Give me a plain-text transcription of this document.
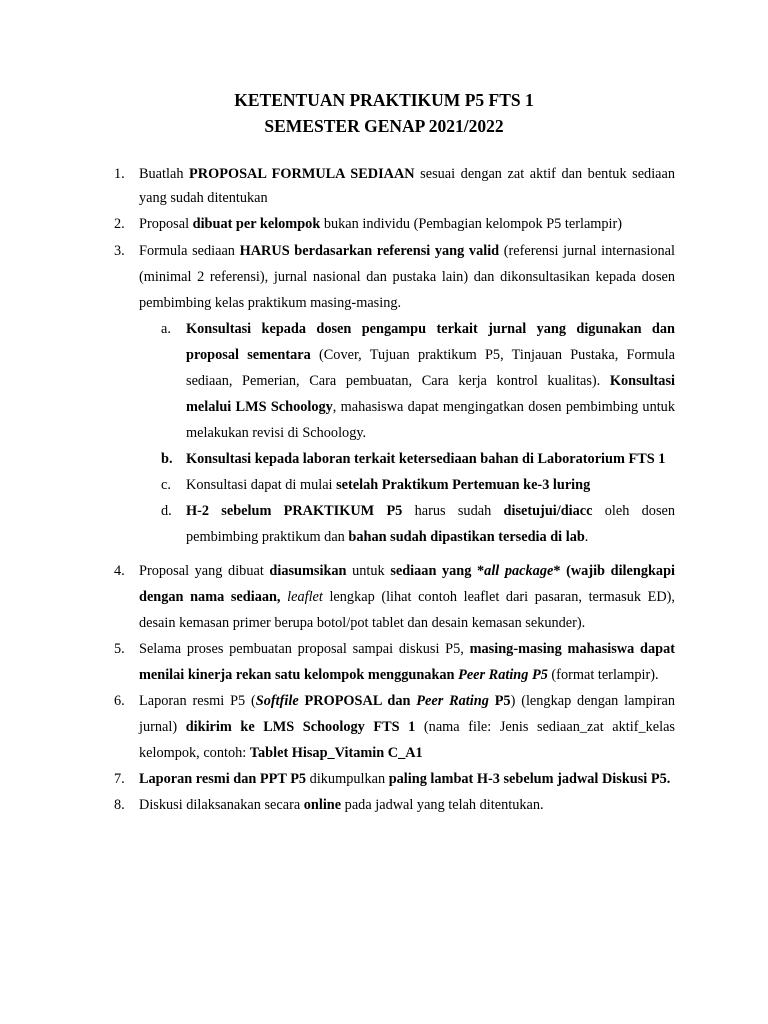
KETENTUAN PRAKTIKUM P5 FTS 1
SEMESTER GENAP 2021/2022
1. Buatlah PROPOSAL FORMULA SEDIAAN sesuai dengan zat aktif dan bentuk sediaan yang sudah ditentukan

2. Proposal dibuat per kelompok bukan individu (Pembagian kelompok P5 terlampir)

3. Formula sediaan HARUS berdasarkan referensi yang valid (referensi jurnal internasional (minimal 2 referensi), jurnal nasional dan pustaka lain) dan dikonsultasikan kepada dosen pembimbing kelas praktikum masing-masing.

a. Konsultasi kepada dosen pengampu terkait jurnal yang digunakan dan proposal sementara (Cover, Tujuan praktikum P5, Tinjauan Pustaka, Formula sediaan, Pemerian, Cara pembuatan, Cara kerja kontrol kualitas). Konsultasi melalui LMS Schoology, mahasiswa dapat mengingatkan dosen pembimbing untuk melakukan revisi di Schoology.

b. Konsultasi kepada laboran terkait ketersediaan bahan di Laboratorium FTS 1

c. Konsultasi dapat di mulai setelah Praktikum Pertemuan ke-3 luring

d. H-2 sebelum PRAKTIKUM P5 harus sudah disetujui/diacc oleh dosen pembimbing praktikum dan bahan sudah dipastikan tersedia di lab.

4. Proposal yang dibuat diasumsikan untuk sediaan yang *all package* (wajib dilengkapi dengan nama sediaan, leaflet lengkap (lihat contoh leaflet dari pasaran, termasuk ED), desain kemasan primer berupa botol/pot tablet dan desain kemasan sekunder).

5. Selama proses pembuatan proposal sampai diskusi P5, masing-masing mahasiswa dapat menilai kinerja rekan satu kelompok menggunakan Peer Rating P5 (format terlampir).

6. Laporan resmi P5 (Softfile PROPOSAL dan Peer Rating P5) (lengkap dengan lampiran jurnal) dikirim ke LMS Schoology FTS 1 (nama file: Jenis sediaan_zat aktif_kelas kelompok, contoh: Tablet Hisap_Vitamin C_A1

7. Laporan resmi dan PPT P5 dikumpulkan paling lambat H-3 sebelum jadwal Diskusi P5.

8. Diskusi dilaksanakan secara online pada jadwal yang telah ditentukan.
